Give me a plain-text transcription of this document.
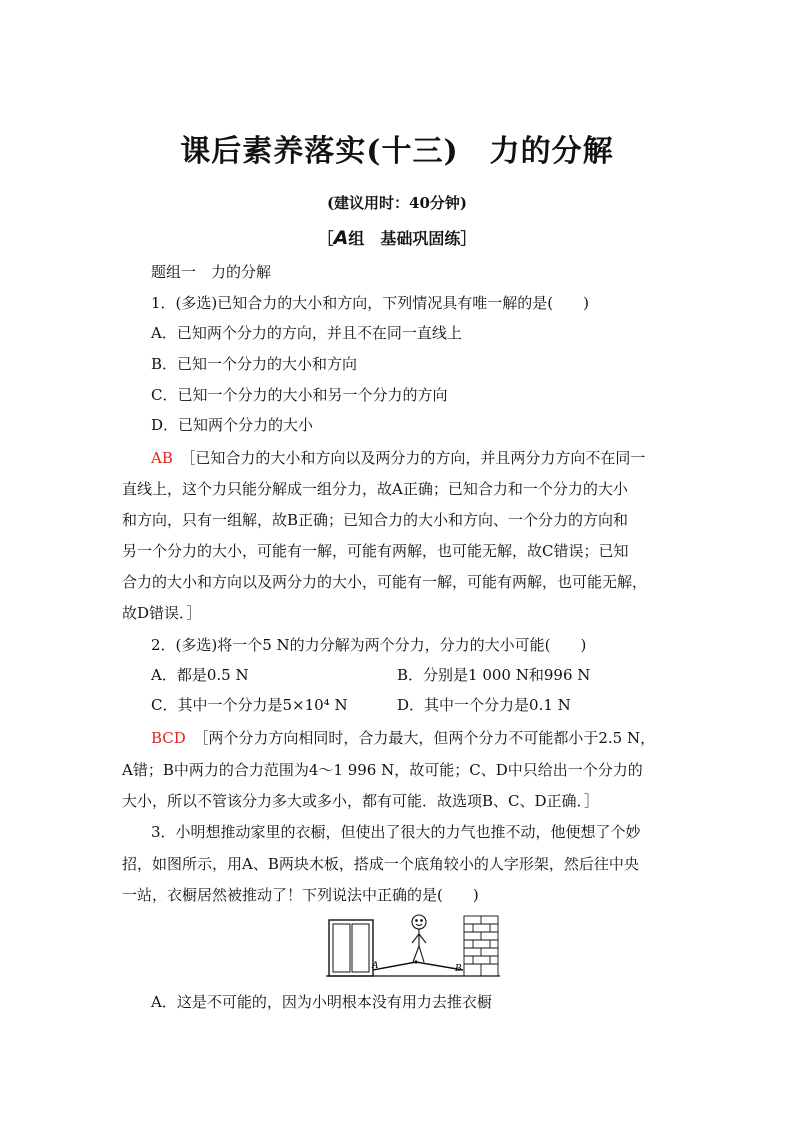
课后素养落实(十三)　力的分解
(建议用时：40分钟)
［A组　基础巩固练］
题组一　力的分解
1．(多选)已知合力的大小和方向，下列情况具有唯一解的是(　　)
A．已知两个分力的方向，并且不在同一直线上
B．已知一个分力的大小和方向
C．已知一个分力的大小和另一个分力的方向
D．已知两个分力的大小
AB　 ［已知合力的大小和方向以及两分力的方向，并且两分力方向不在同一
直线上，这个力只能分解成一组分力，故A正确；已知合力和一个分力的大小
和方向，只有一组解，故B正确；已知合力的大小和方向、一个分力的方向和
另一个分力的大小，可能有一解，可能有两解，也可能无解，故C错误；已知
合力的大小和方向以及两分力的大小，可能有一解，可能有两解，也可能无解，
故D错误．］
2．(多选)将一个5 N的力分解为两个分力，分力的大小可能(　　)
A．都是0.5 N	B．分别是1 000 N和996 N
C．其中一个分力是5×10⁴ N	D．其中一个分力是0.1 N
BCD　 ［两个分力方向相同时，合力最大，但两个分力不可能都小于2.5 N，
A错；B中两力的合力范围为4～1 996 N，故可能；C、D中只给出一个分力的
大小，所以不管该分力多大或多小，都有可能．故选项B、C、D正确．］
3．小明想推动家里的衣橱，但使出了很大的力气也推不动，他便想了个妙
招，如图所示，用A、B两块木板，搭成一个底角较小的人字形架，然后往中央
一站，衣橱居然被推动了！下列说法中正确的是(　　)
A	B
A．这是不可能的，因为小明根本没有用力去推衣橱
